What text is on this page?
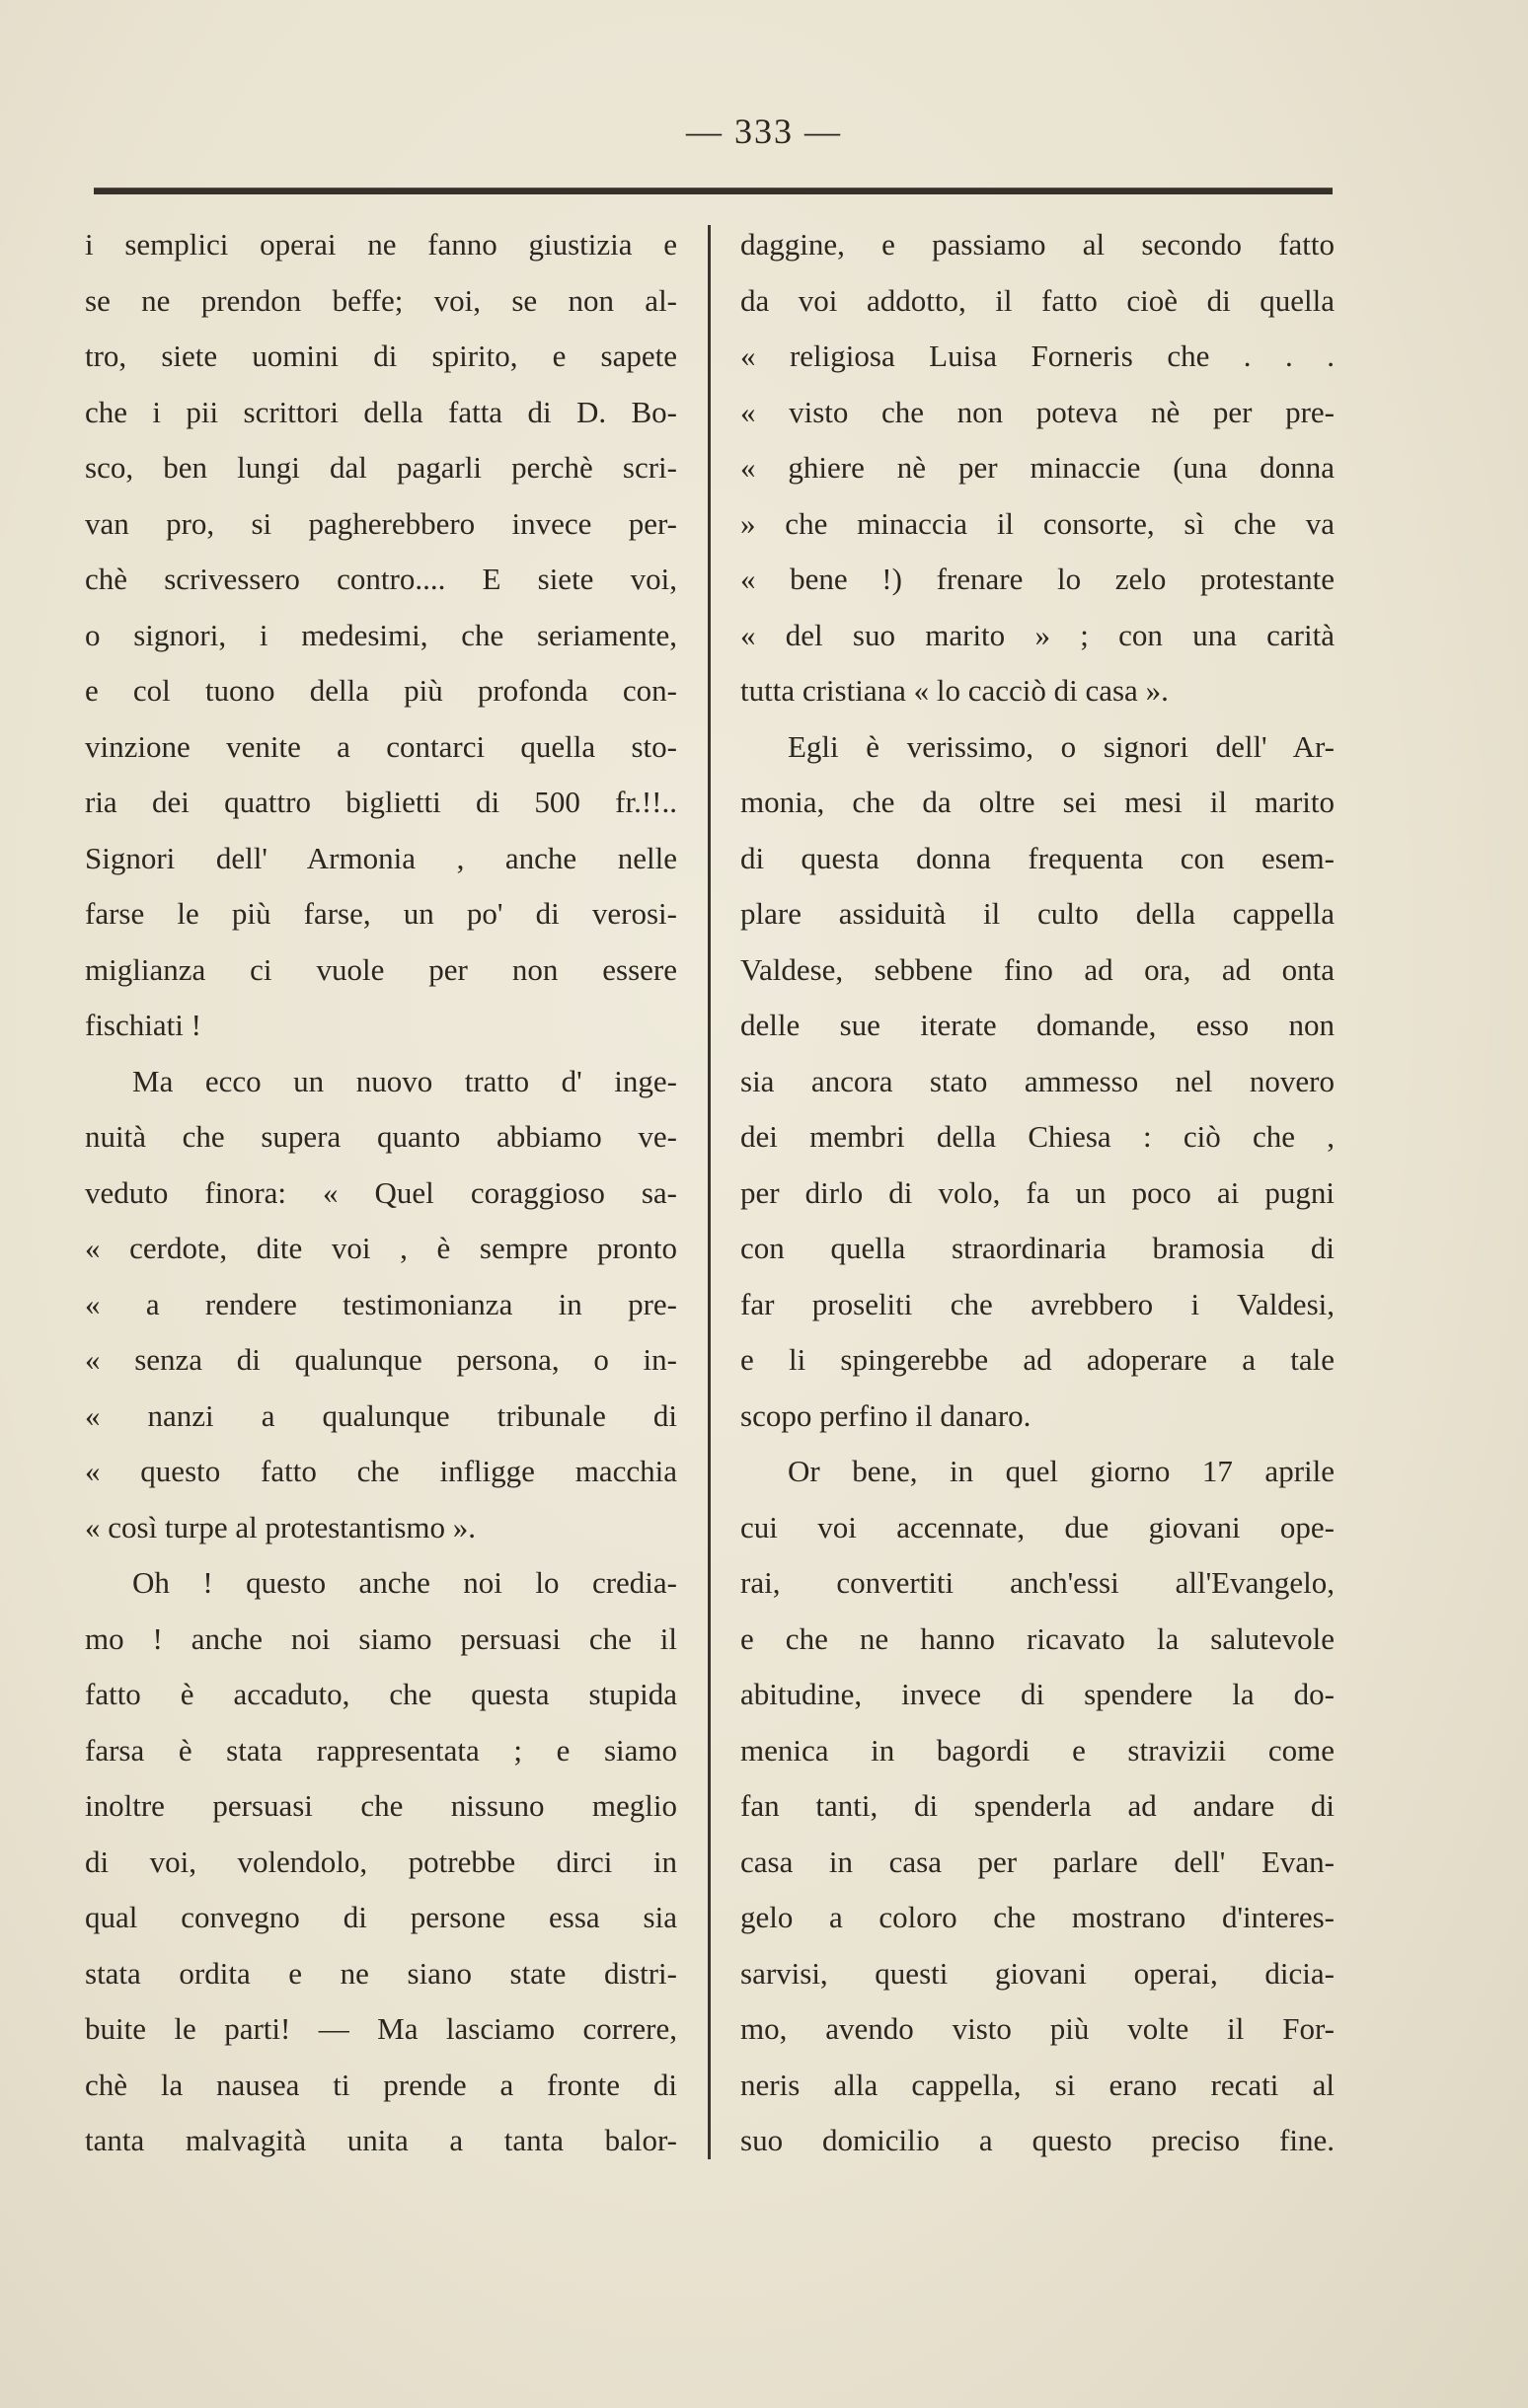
— 333 —
i semplici operai ne fanno giustizia e
se ne prendon beffe; voi, se non al-
tro, siete uomini di spirito, e sapete
che i pii scrittori della fatta di D. Bo-
sco, ben lungi dal pagarli perchè scri-
van pro, si pagherebbero invece per-
chè scrivessero contro.... E siete voi,
o signori, i medesimi, che seriamente,
e col tuono della più profonda con-
vinzione venite a contarci quella sto-
ria dei quattro biglietti di 500 fr.!!..
Signori dell' Armonia , anche nelle
farse le più farse, un po' di verosi-
miglianza ci vuole per non essere
fischiati !
Ma ecco un nuovo tratto d' inge-
nuità che supera quanto abbiamo ve-
veduto finora: « Quel coraggioso sa-
« cerdote, dite voi , è sempre pronto
« a rendere testimonianza in pre-
« senza di qualunque persona, o in-
« nanzi a qualunque tribunale di
« questo fatto che infligge macchia
« così turpe al protestantismo ».
Oh ! questo anche noi lo credia-
mo ! anche noi siamo persuasi che il
fatto è accaduto, che questa stupida
farsa è stata rappresentata ; e siamo
inoltre persuasi che nissuno meglio
di voi, volendolo, potrebbe dirci in
qual convegno di persone essa sia
stata ordita e ne siano state distri-
buite le parti! — Ma lasciamo correre,
chè la nausea ti prende a fronte di
tanta malvagità unita a tanta balor-
daggine, e passiamo al secondo fatto
da voi addotto, il fatto cioè di quella
« religiosa Luisa Forneris che . . .
« visto che non poteva nè per pre-
« ghiere nè per minaccie (una donna
» che minaccia il consorte, sì che va
« bene !) frenare lo zelo protestante
« del suo marito » ; con una carità
tutta cristiana « lo cacciò di casa ».
Egli è verissimo, o signori dell' Ar-
monia, che da oltre sei mesi il marito
di questa donna frequenta con esem-
plare assiduità il culto della cappella
Valdese, sebbene fino ad ora, ad onta
delle sue iterate domande, esso non
sia ancora stato ammesso nel novero
dei membri della Chiesa : ciò che ,
per dirlo di volo, fa un poco ai pugni
con quella straordinaria bramosia di
far proseliti che avrebbero i Valdesi,
e li spingerebbe ad adoperare a tale
scopo perfino il danaro.
Or bene, in quel giorno 17 aprile
cui voi accennate, due giovani ope-
rai, convertiti anch'essi all'Evangelo,
e che ne hanno ricavato la salutevole
abitudine, invece di spendere la do-
menica in bagordi e stravizii come
fan tanti, di spenderla ad andare di
casa in casa per parlare dell' Evan-
gelo a coloro che mostrano d'interes-
sarvisi, questi giovani operai, dicia-
mo, avendo visto più volte il For-
neris alla cappella, si erano recati al
suo domicilio a questo preciso fine.
